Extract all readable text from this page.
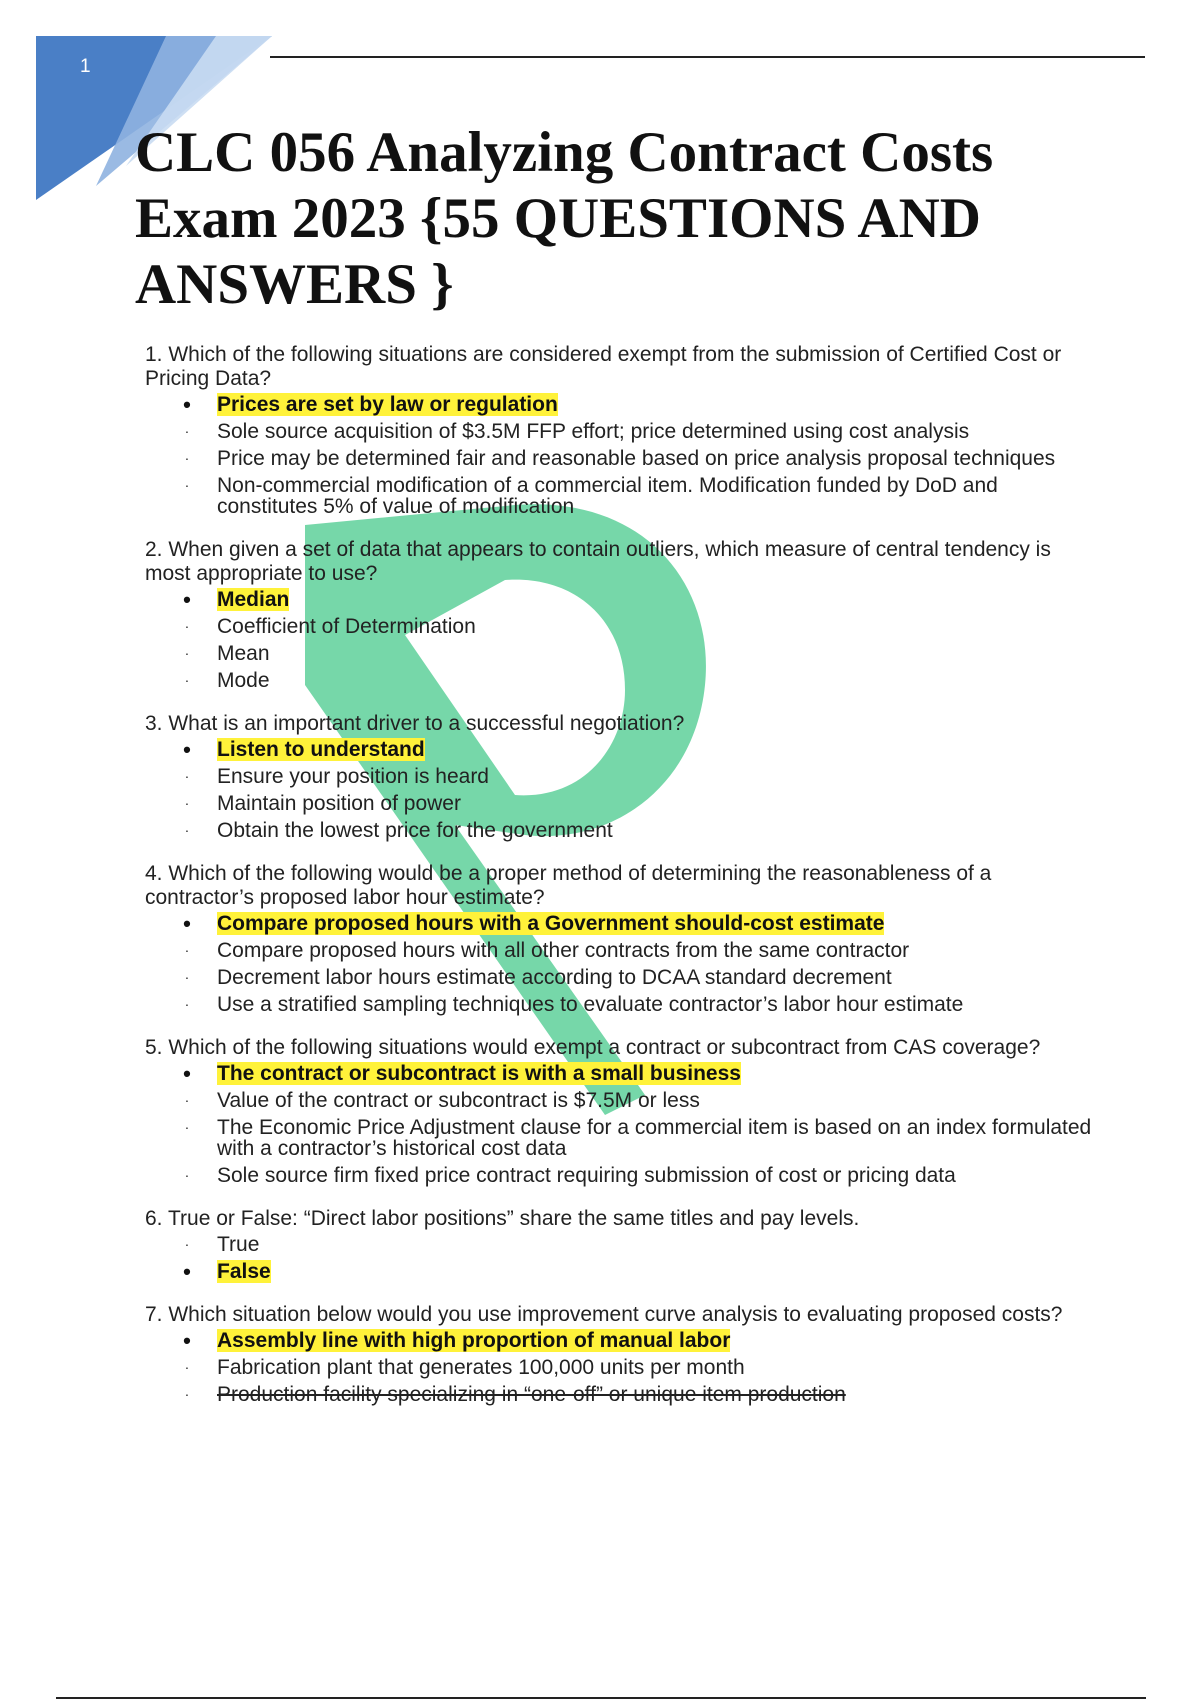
1
CLC 056 Analyzing Contract Costs Exam 2023 {55 QUESTIONS AND ANSWERS }
1. Which of the following situations are considered exempt from the submission of Certified Cost or Pricing Data?
• Prices are set by law or regulation
· Sole source acquisition of $3.5M FFP effort; price determined using cost analysis
· Price may be determined fair and reasonable based on price analysis proposal techniques
· Non-commercial modification of a commercial item. Modification funded by DoD and constitutes 5% of value of modification
2. When given a set of data that appears to contain outliers, which measure of central tendency is most appropriate to use?
• Median
· Coefficient of Determination
· Mean
· Mode
3. What is an important driver to a successful negotiation?
• Listen to understand
· Ensure your position is heard
· Maintain position of power
· Obtain the lowest price for the government
4. Which of the following would be a proper method of determining the reasonableness of a contractor’s proposed labor hour estimate?
• Compare proposed hours with a Government should-cost estimate
· Compare proposed hours with all other contracts from the same contractor
· Decrement labor hours estimate according to DCAA standard decrement
· Use a stratified sampling techniques to evaluate contractor’s labor hour estimate
5. Which of the following situations would exempt a contract or subcontract from CAS coverage?
• The contract or subcontract is with a small business
· Value of the contract or subcontract is $7.5M or less
· The Economic Price Adjustment clause for a commercial item is based on an index formulated with a contractor’s historical cost data
· Sole source firm fixed price contract requiring submission of cost or pricing data
6. True or False: “Direct labor positions” share the same titles and pay levels.
· True
• False
7. Which situation below would you use improvement curve analysis to evaluating proposed costs?
• Assembly line with high proportion of manual labor
· Fabrication plant that generates 100,000 units per month
· Production facility specializing in “one-off” or unique item production
